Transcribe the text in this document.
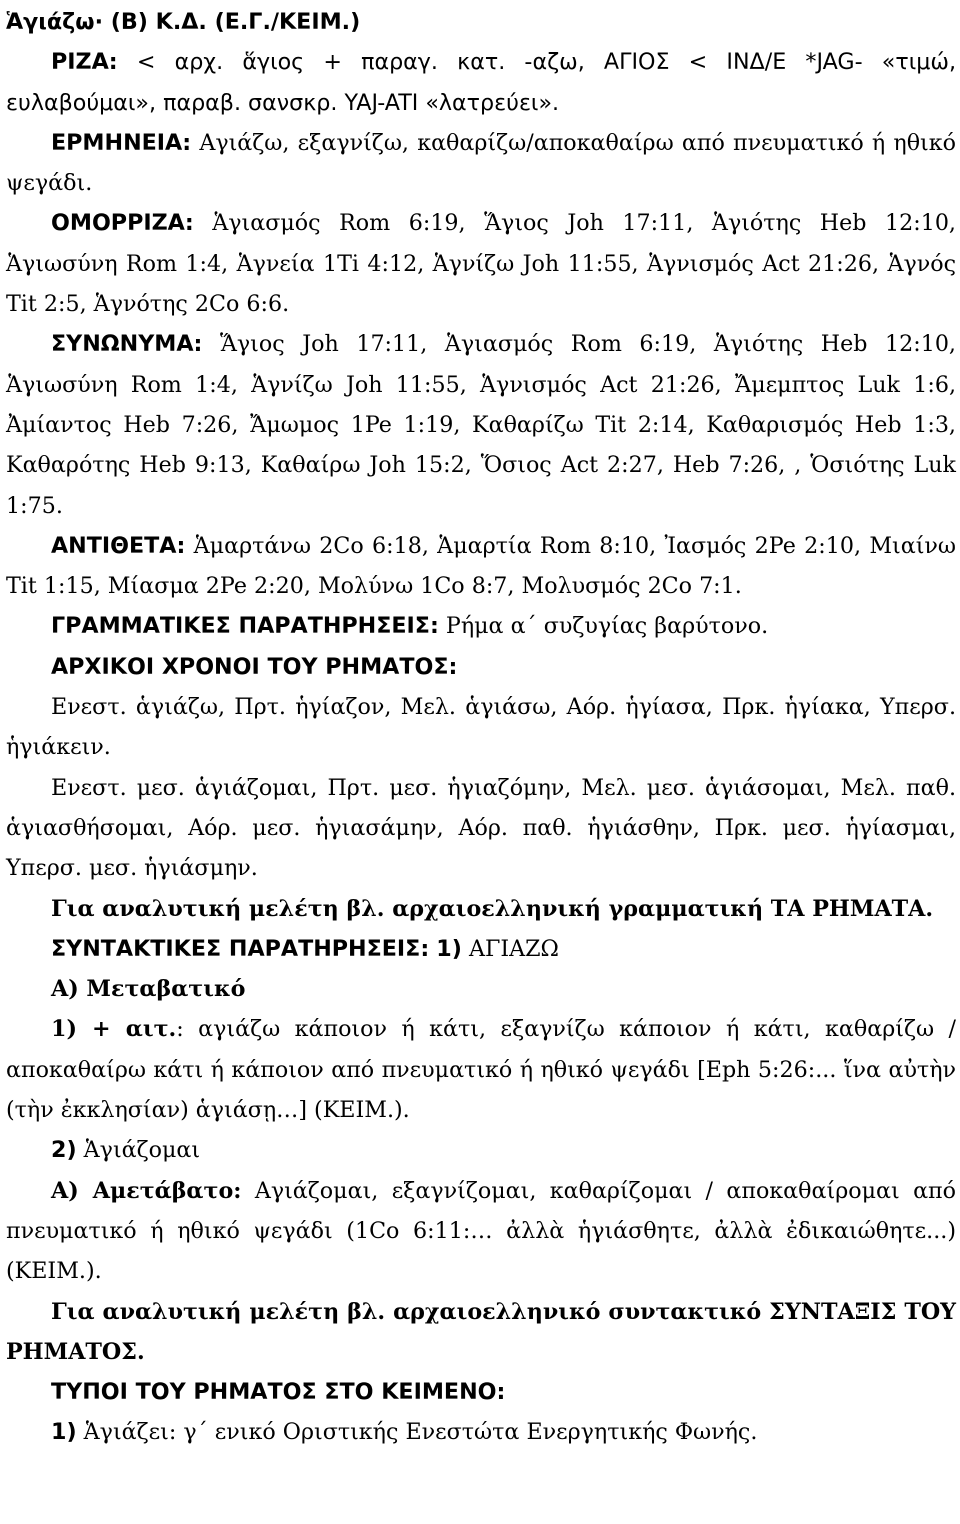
Ἁγιάζω· (Β) Κ.Δ. (Ε.Γ./ΚΕΙΜ.)

ΡΙΖΑ: < αρχ. ἅγιος + παραγ. κατ. -αζω, ΑΓΙΟΣ < ΙΝΔ/Ε *JAG- «τιμώ, ευλαβούμαι», παραβ. σανσκρ. YAJ-ATI «λατρεύει».

ΕΡΜΗΝΕΙΑ: Αγιάζω, εξαγνίζω, καθαρίζω/αποκαθαίρω από πνευματικό ή ηθικό ψεγάδι.

ΟΜΟΡΡΙΖΑ: Ἁγιασμός Rom 6:19, Ἅγιος Joh 17:11, Ἁγιότης Heb 12:10, Ἁγιωσύνη Rom 1:4, Ἁγνεία 1Ti 4:12, Ἁγνίζω Joh 11:55, Ἁγνισμός Act 21:26, Ἁγνός Tit 2:5, Ἁγνότης 2Co 6:6.

ΣΥΝΩΝΥΜΑ: Ἅγιος Joh 17:11, Ἁγιασμός Rom 6:19, Ἁγιότης Heb 12:10, Ἁγιωσύνη Rom 1:4, Ἁγνίζω Joh 11:55, Ἁγνισμός Act 21:26, Ἄμεμπτος Luk 1:6, Ἀμίαντος Heb 7:26, Ἄμωμος 1Pe 1:19, Καθαρίζω Tit 2:14, Καθαρισμός Heb 1:3, Καθαρότης Heb 9:13, Καθαίρω Joh 15:2, Ὅσιος Act 2:27, Heb 7:26, , Ὁσιότης Luk 1:75.

ΑΝΤΙΘΕΤΑ: Ἁμαρτάνω 2Co 6:18, Ἁμαρτία Rom 8:10, Ἰασμός 2Pe 2:10, Μιαίνω Tit 1:15, Μίασμα 2Pe 2:20, Μολύνω 1Co 8:7, Μολυσμός 2Co 7:1.

ΓΡΑΜΜΑΤΙΚΕΣ ΠΑΡΑΤΗΡΗΣΕΙΣ: Ρήμα α΄ συζυγίας βαρύτονο.

ΑΡΧΙΚΟΙ ΧΡΟΝΟΙ ΤΟΥ ΡΗΜΑΤΟΣ:

Ενεστ. ἁγιάζω, Πρτ. ἡγίαζον, Μελ. ἁγιάσω, Αόρ. ἡγίασα, Πρκ. ἡγίακα, Υπερσ. ἡγιάκειν.

Ενεστ. μεσ. ἁγιάζομαι, Πρτ. μεσ. ἡγιαζόμην, Μελ. μεσ. ἁγιάσομαι, Μελ. παθ. ἁγιασθήσομαι, Αόρ. μεσ. ἡγιασάμην, Αόρ. παθ. ἡγιάσθην, Πρκ. μεσ. ἡγίασμαι, Υπερσ. μεσ. ἡγιάσμην.

Για αναλυτική μελέτη βλ. αρχαιοελληνική γραμματική ΤΑ ΡΗΜΑΤΑ.

ΣΥΝΤΑΚΤΙΚΕΣ ΠΑΡΑΤΗΡΗΣΕΙΣ: 1) ΑΓΙΑΖΩ

Α) Μεταβατικό

1) + αιτ.: αγιάζω κάποιον ή κάτι, εξαγνίζω κάποιον ή κάτι, καθαρίζω / αποκαθαίρω κάτι ή κάποιον από πνευματικό ή ηθικό ψεγάδι [Eph 5:26:... ἵνα αὐτὴν (τὴν ἐκκλησίαν) ἁγιάσῃ…] (ΚΕΙΜ.).

2) Ἁγιάζομαι

Α) Αμετάβατο: Αγιάζομαι, εξαγνίζομαι, καθαρίζομαι / αποκαθαίρομαι από πνευματικό ή ηθικό ψεγάδι (1Co 6:11:… ἀλλὰ ἡγιάσθητε, ἀλλὰ ἐδικαιώθητε...) (ΚΕΙΜ.).

Για αναλυτική μελέτη βλ. αρχαιοελληνικό συντακτικό ΣΥΝΤΑΞΙΣ ΤΟΥ ΡΗΜΑΤΟΣ.

ΤΥΠΟΙ ΤΟΥ ΡΗΜΑΤΟΣ ΣΤΟ ΚΕΙΜΕΝΟ:

1) Ἁγιάζει: γ΄ ενικό Οριστικής Ενεστώτα Ενεργητικής Φωνής.
